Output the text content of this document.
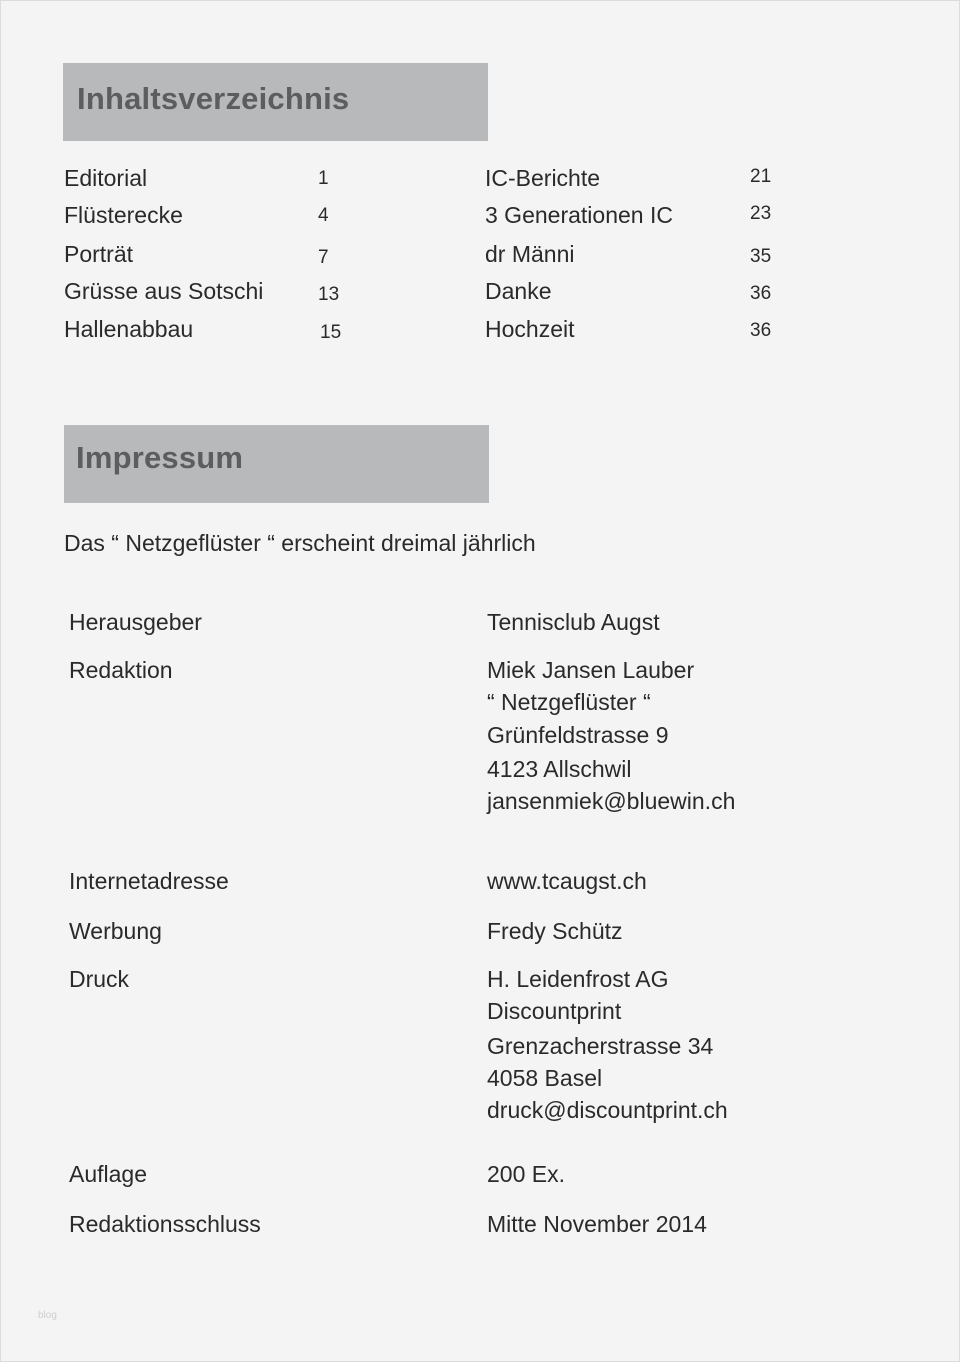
Inhaltsverzeichnis
Editorial	1
Flüsterecke	4
Porträt	7
Grüsse aus Sotschi	13
Hallenabbau	15
IC-Berichte	21
3 Generationen IC	23
dr Männi	35
Danke	36
Hochzeit	36
Impressum
Das “ Netzgeflüster “ erscheint dreimal jährlich
Herausgeber	Tennisclub Augst
Redaktion	Miek Jansen Lauber
“ Netzgeflüster “
Grünfeldstrasse 9
4123 Allschwil
jansenmiek@bluewin.ch
Internetadresse	www.tcaugst.ch
Werbung	Fredy Schütz
Druck	H. Leidenfrost AG
Discountprint
Grenzacherstrasse 34
4058 Basel
druck@discountprint.ch
Auflage	200 Ex.
Redaktionsschluss	Mitte November 2014
blog
